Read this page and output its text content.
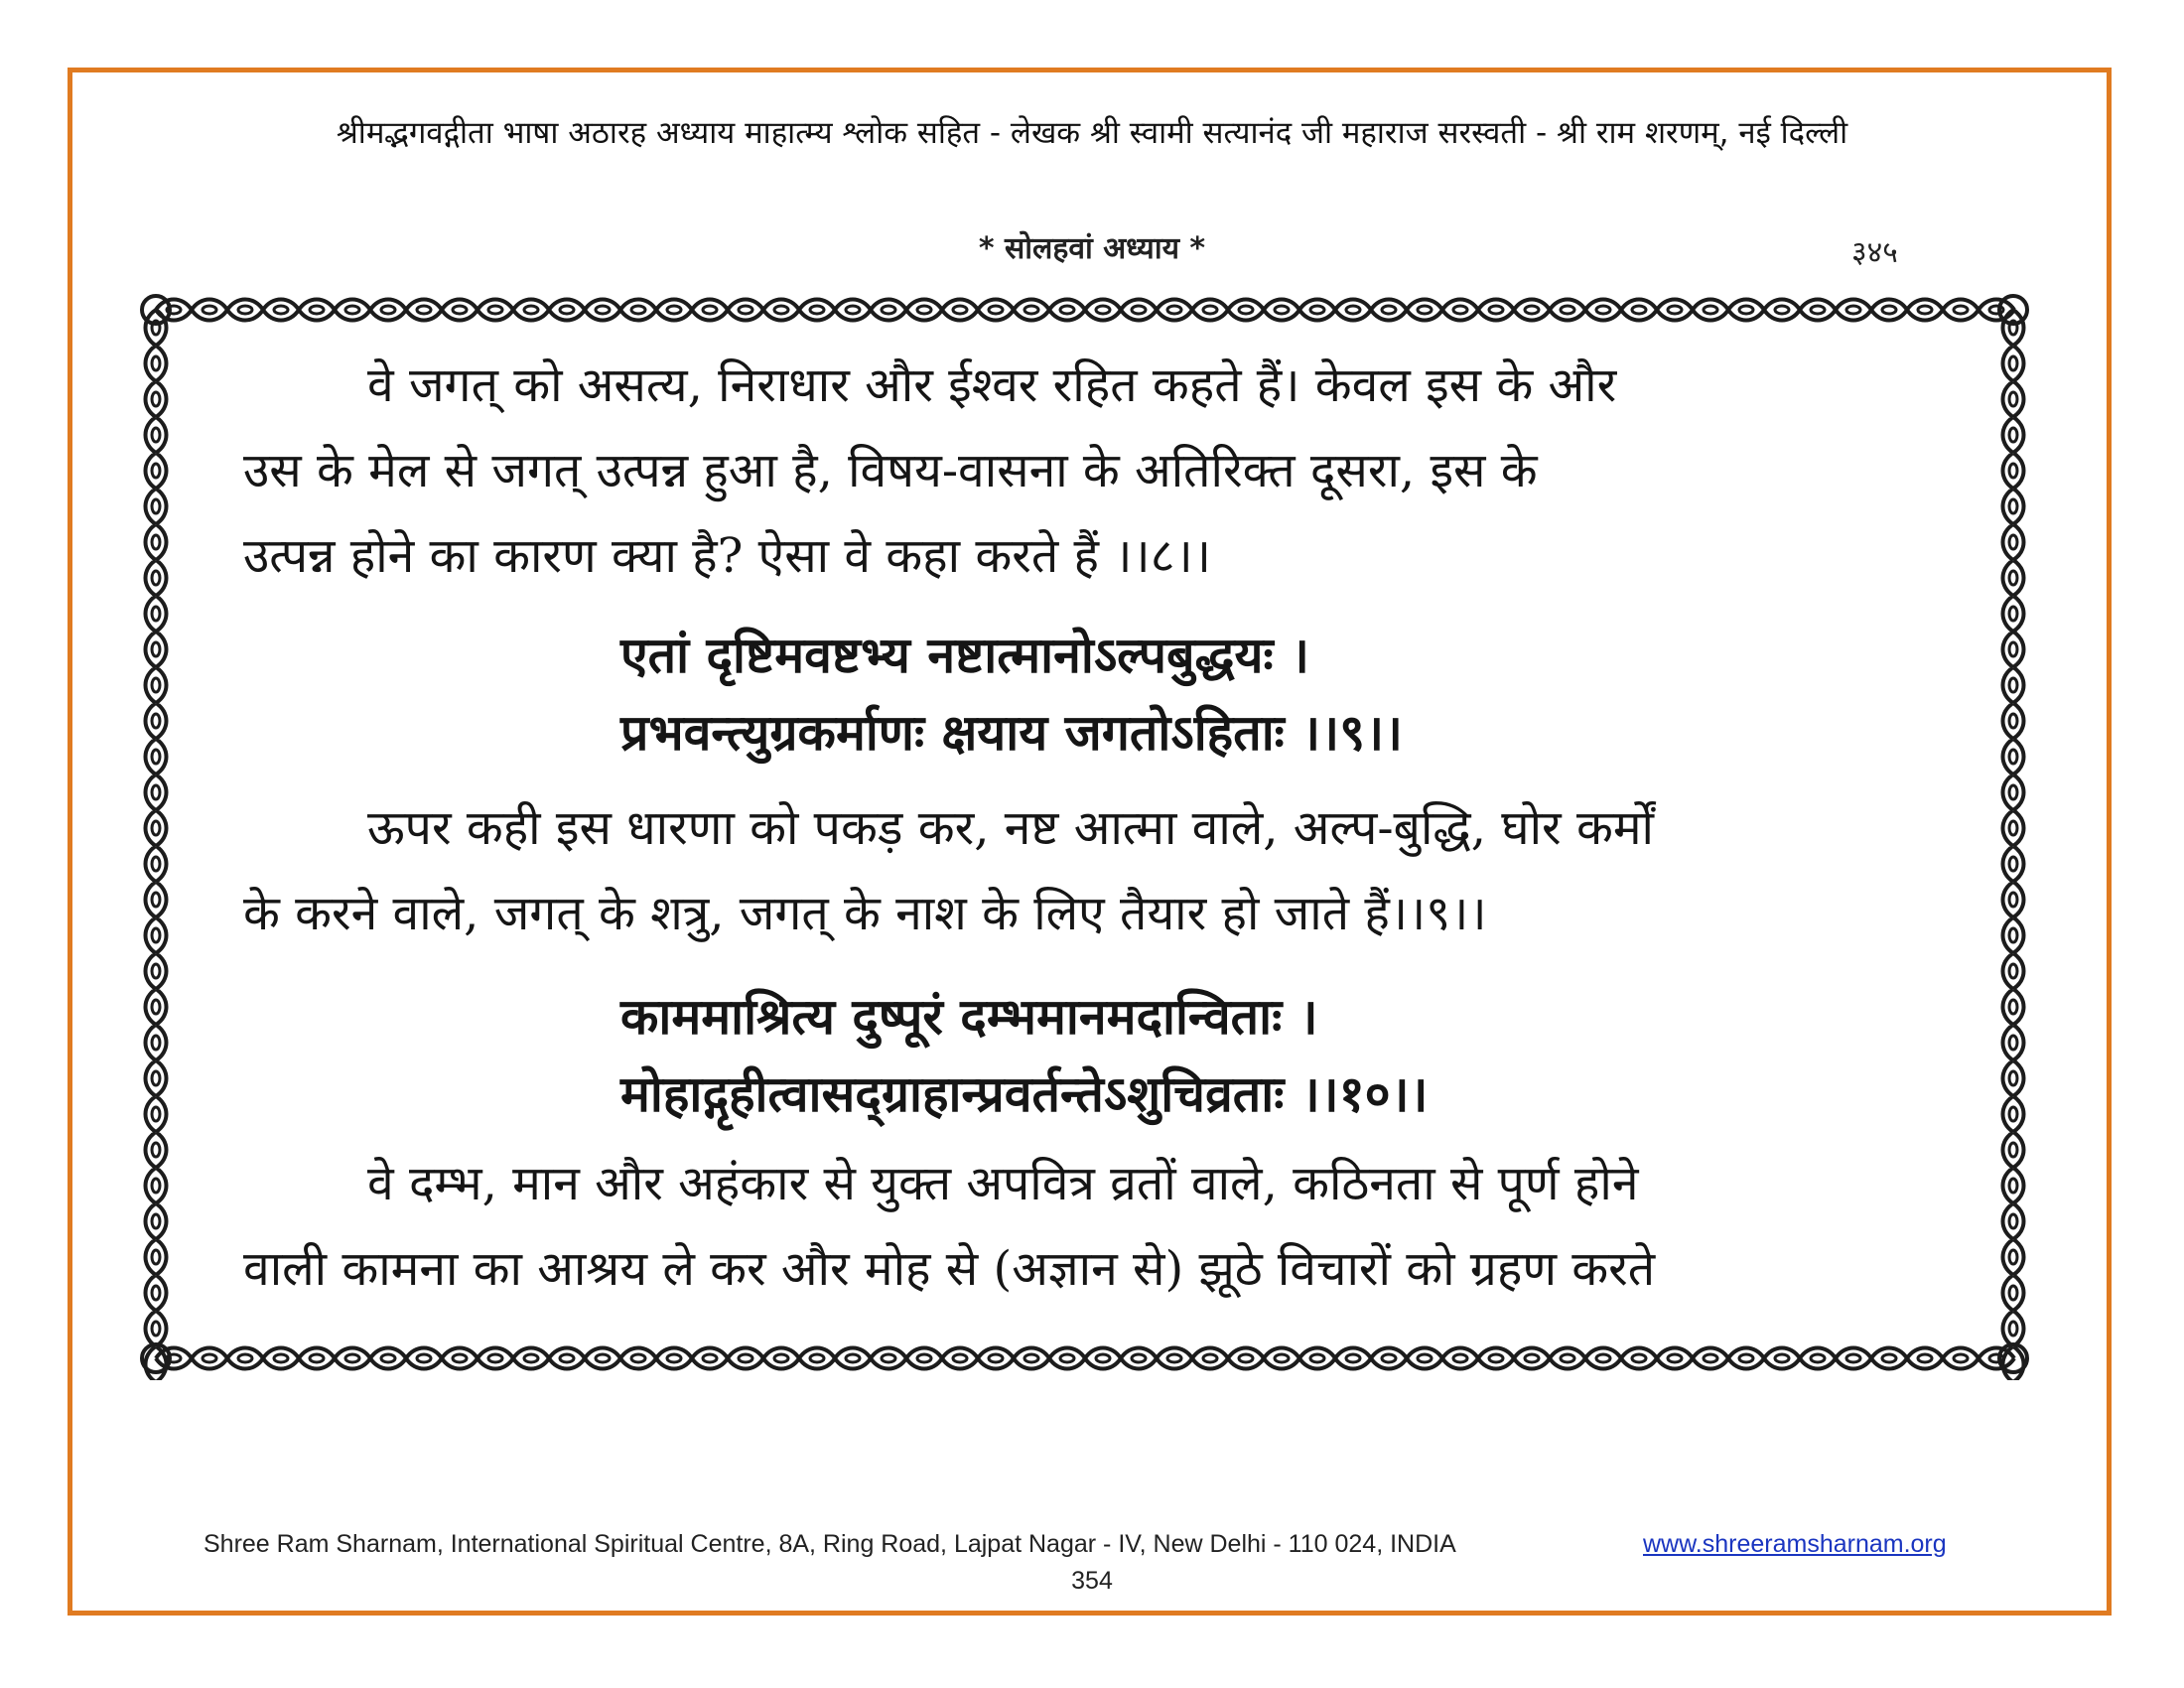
श्रीमद्भगवद्गीता भाषा अठारह अध्याय माहात्म्य श्लोक सहित - लेखक श्री स्वामी सत्यानंद जी महाराज सरस्वती - श्री राम शरणम्, नई दिल्ली
* सोलहवां अध्याय *	३४५
वे जगत् को असत्य, निराधार और ईश्वर रहित कहते हैं। केवल इस के और
उस के मेल से जगत् उत्पन्न हुआ है, विषय-वासना के अतिरिक्त दूसरा, इस के
उत्पन्न होने का कारण क्या है? ऐसा वे कहा करते हैं ।।८।।
एतां दृष्टिमवष्टभ्य नष्टात्मानोऽल्पबुद्धयः ।
प्रभवन्त्युग्रकर्माणः क्षयाय जगतोऽहिताः ।।९।।
ऊपर कही इस धारणा को पकड़ कर, नष्ट आत्मा वाले, अल्प-बुद्धि, घोर कर्मों
के करने वाले, जगत् के शत्रु, जगत् के नाश के लिए तैयार हो जाते हैं।।९।।
काममाश्रित्य दुष्पूरं दम्भमानमदान्विताः ।
मोहाद्गृहीत्वासद्ग्राहान्प्रवर्तन्तेऽशुचिव्रताः ।।१०।।
वे दम्भ, मान और अहंकार से युक्त अपवित्र व्रतों वाले, कठिनता से पूर्ण होने
वाली कामना का आश्रय ले कर और मोह से (अज्ञान से) झूठे विचारों को ग्रहण करते
Shree Ram Sharnam, International Spiritual Centre, 8A, Ring Road, Lajpat Nagar - IV, New Delhi - 110 024, INDIA	www.shreeramsharnam.org
354
